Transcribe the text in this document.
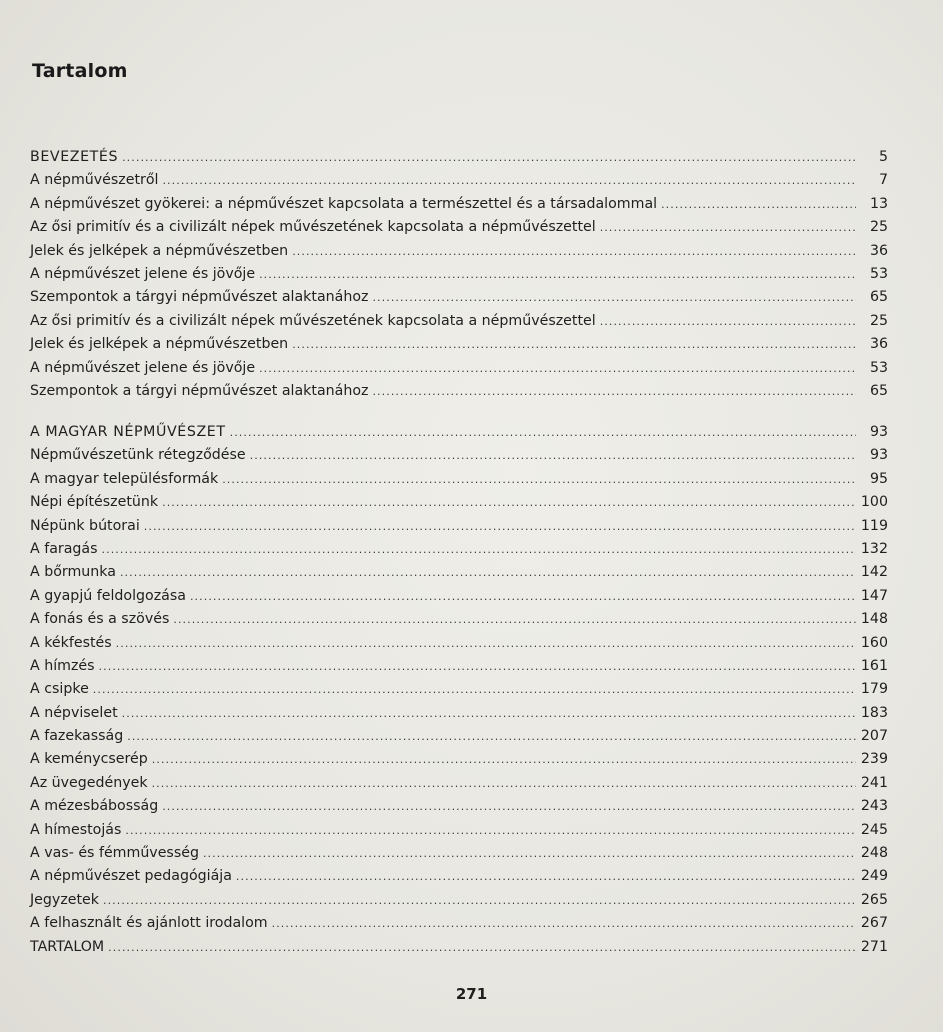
Tartalom
BEVEZETÉS . . .	5
A népművészetről . . .	7
A népművészet gyökerei: a népművészet kapcsolata a természettel és a társadalommal . . .	13
Az ősi primitív és a civilizált népek művészetének kapcsolata a népművészettel . . .	25
Jelek és jelképek a népművészetben . . .	36
A népművészet jelene és jövője . . .	53
Szempontok a tárgyi népművészet alaktanához . . .	65
Az ősi primitív és a civilizált népek művészetének kapcsolata a népművészettel . . .	25
Jelek és jelképek a népművészetben . . .	36
A népművészet jelene és jövője . . .	53
Szempontok a tárgyi népművészet alaktanához . . .	65
A MAGYAR NÉPMŰVÉSZET . . .	93
Népművészetünk rétegződése . . .	93
A magyar településformák . . .	95
Népi építészetünk . . .	100
Népünk bútorai . . .	119
A faragás . . .	132
A bőrmunka . . .	142
A gyapjú feldolgozása . . .	147
A fonás és a szövés . . .	148
A kékfestés . . .	160
A hímzés . . .	161
A csipke . . .	179
A népviselet . . .	183
A fazekasság . . .	207
A keménycserép . . .	239
Az üvegedények . . .	241
A mézesbábosság . . .	243
A hímestojás . . .	245
A vas- és fémművesség . . .	248
A népművészet pedagógiája . . .	249
Jegyzetek . . .	265
A felhasznált és ajánlott irodalom . . .	267
TARTALOM . . .	271
271
